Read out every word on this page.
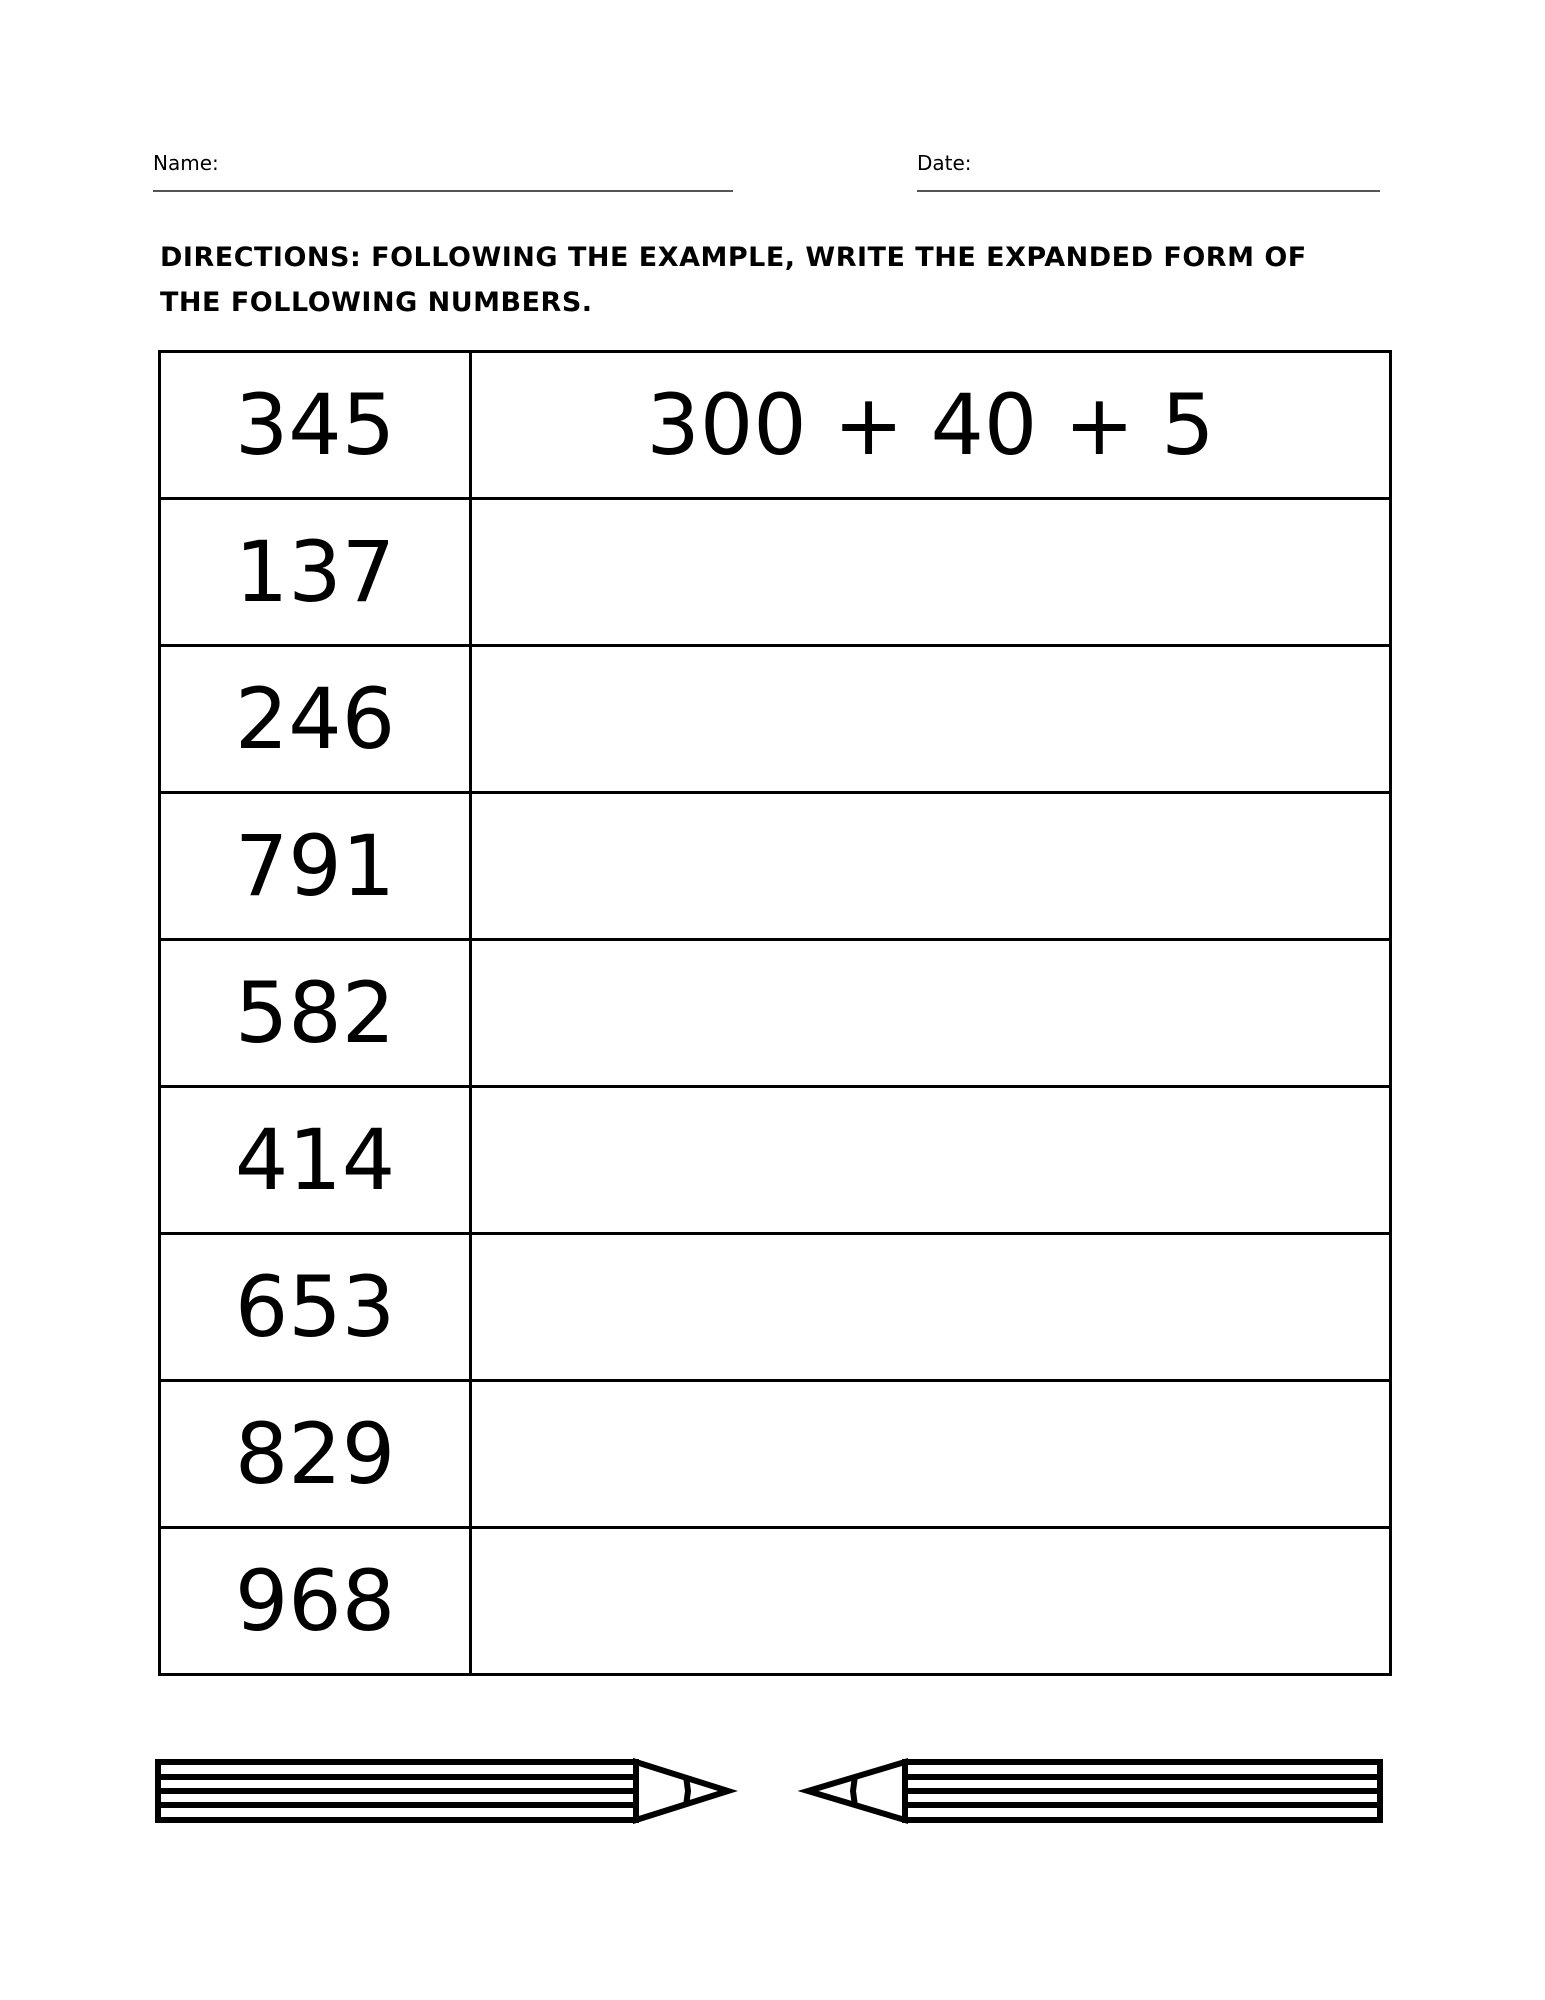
Name:	Date:
DIRECTIONS: FOLLOWING THE EXAMPLE, WRITE THE EXPANDED FORM OF THE FOLLOWING NUMBERS.
345	300 + 40 + 5
137	
246	
791	
582	
414	
653	
829	
968	
